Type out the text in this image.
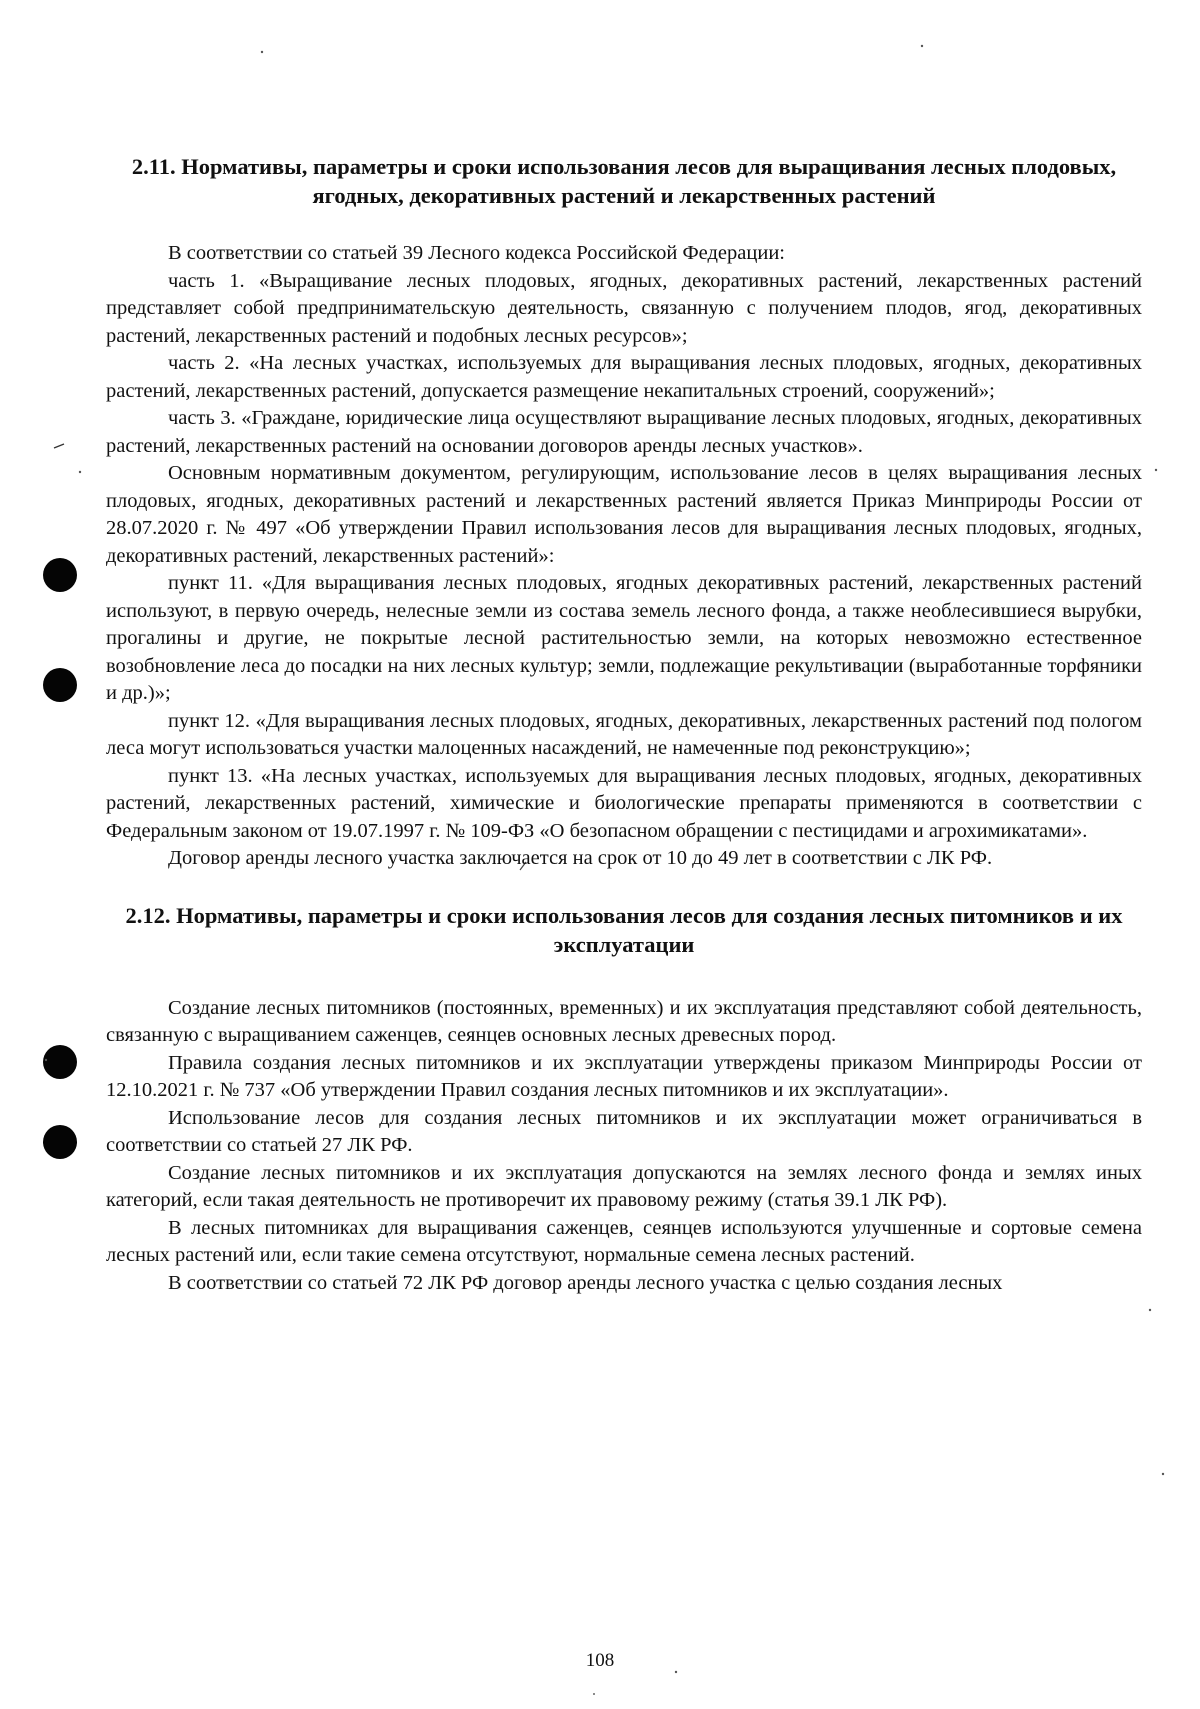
2.11. Нормативы, параметры и сроки использования лесов для выращивания лесных плодовых, ягодных, декоративных растений и лекарственных растений

В соответствии со статьей 39 Лесного кодекса Российской Федерации:

часть 1. «Выращивание лесных плодовых, ягодных, декоративных растений, лекарственных растений представляет собой предпринимательскую деятельность, связанную с получением плодов, ягод, декоративных растений, лекарственных растений и подобных лесных ресурсов»;

часть 2. «На лесных участках, используемых для выращивания лесных плодовых, ягодных, декоративных растений, лекарственных растений, допускается размещение некапитальных строений, сооружений»;

часть 3. «Граждане, юридические лица осуществляют выращивание лесных плодовых, ягодных, декоративных растений, лекарственных растений на основании договоров аренды лесных участков».

Основным нормативным документом, регулирующим, использование лесов в целях выращивания лесных плодовых, ягодных, декоративных растений и лекарственных растений является Приказ Минприроды России от 28.07.2020 г. № 497 «Об утверждении Правил использования лесов для выращивания лесных плодовых, ягодных, декоративных растений, лекарственных растений»:

пункт 11. «Для выращивания лесных плодовых, ягодных декоративных растений, лекарственных растений используют, в первую очередь, нелесные земли из состава земель лесного фонда, а также необлесившиеся вырубки, прогалины и другие, не покрытые лесной растительностью земли, на которых невозможно естественное возобновление леса до посадки на них лесных культур; земли, подлежащие рекультивации (выработанные торфяники и др.)»;

пункт 12. «Для выращивания лесных плодовых, ягодных, декоративных, лекарственных растений под пологом леса могут использоваться участки малоценных насаждений, не намеченные под реконструкцию»;

пункт 13. «На лесных участках, используемых для выращивания лесных плодовых, ягодных, декоративных растений, лекарственных растений, химические и биологические препараты применяются в соответствии с Федеральным законом от 19.07.1997 г. № 109-ФЗ «О безопасном обращении с пестицидами и агрохимикатами».

Договор аренды лесного участка заключается на срок от 10 до 49 лет в соответствии с ЛК РФ.

2.12. Нормативы, параметры и сроки использования лесов для создания лесных питомников и их эксплуатации

Создание лесных питомников (постоянных, временных) и их эксплуатация представляют собой деятельность, связанную с выращиванием саженцев, сеянцев основных лесных древесных пород.

Правила создания лесных питомников и их эксплуатации утверждены приказом Минприроды России от 12.10.2021 г. № 737 «Об утверждении Правил создания лесных питомников и их эксплуатации».

Использование лесов для создания лесных питомников и их эксплуатации может ограничиваться в соответствии со статьей 27 ЛК РФ.

Создание лесных питомников и их эксплуатация допускаются на землях лесного фонда и землях иных категорий, если такая деятельность не противоречит их правовому режиму (статья 39.1 ЛК РФ).

В лесных питомниках для выращивания саженцев, сеянцев используются улучшенные и сортовые семена лесных растений или, если такие семена отсутствуют, нормальные семена лесных растений.

В соответствии со статьей 72 ЛК РФ договор аренды лесного участка с целью создания лесных

108
